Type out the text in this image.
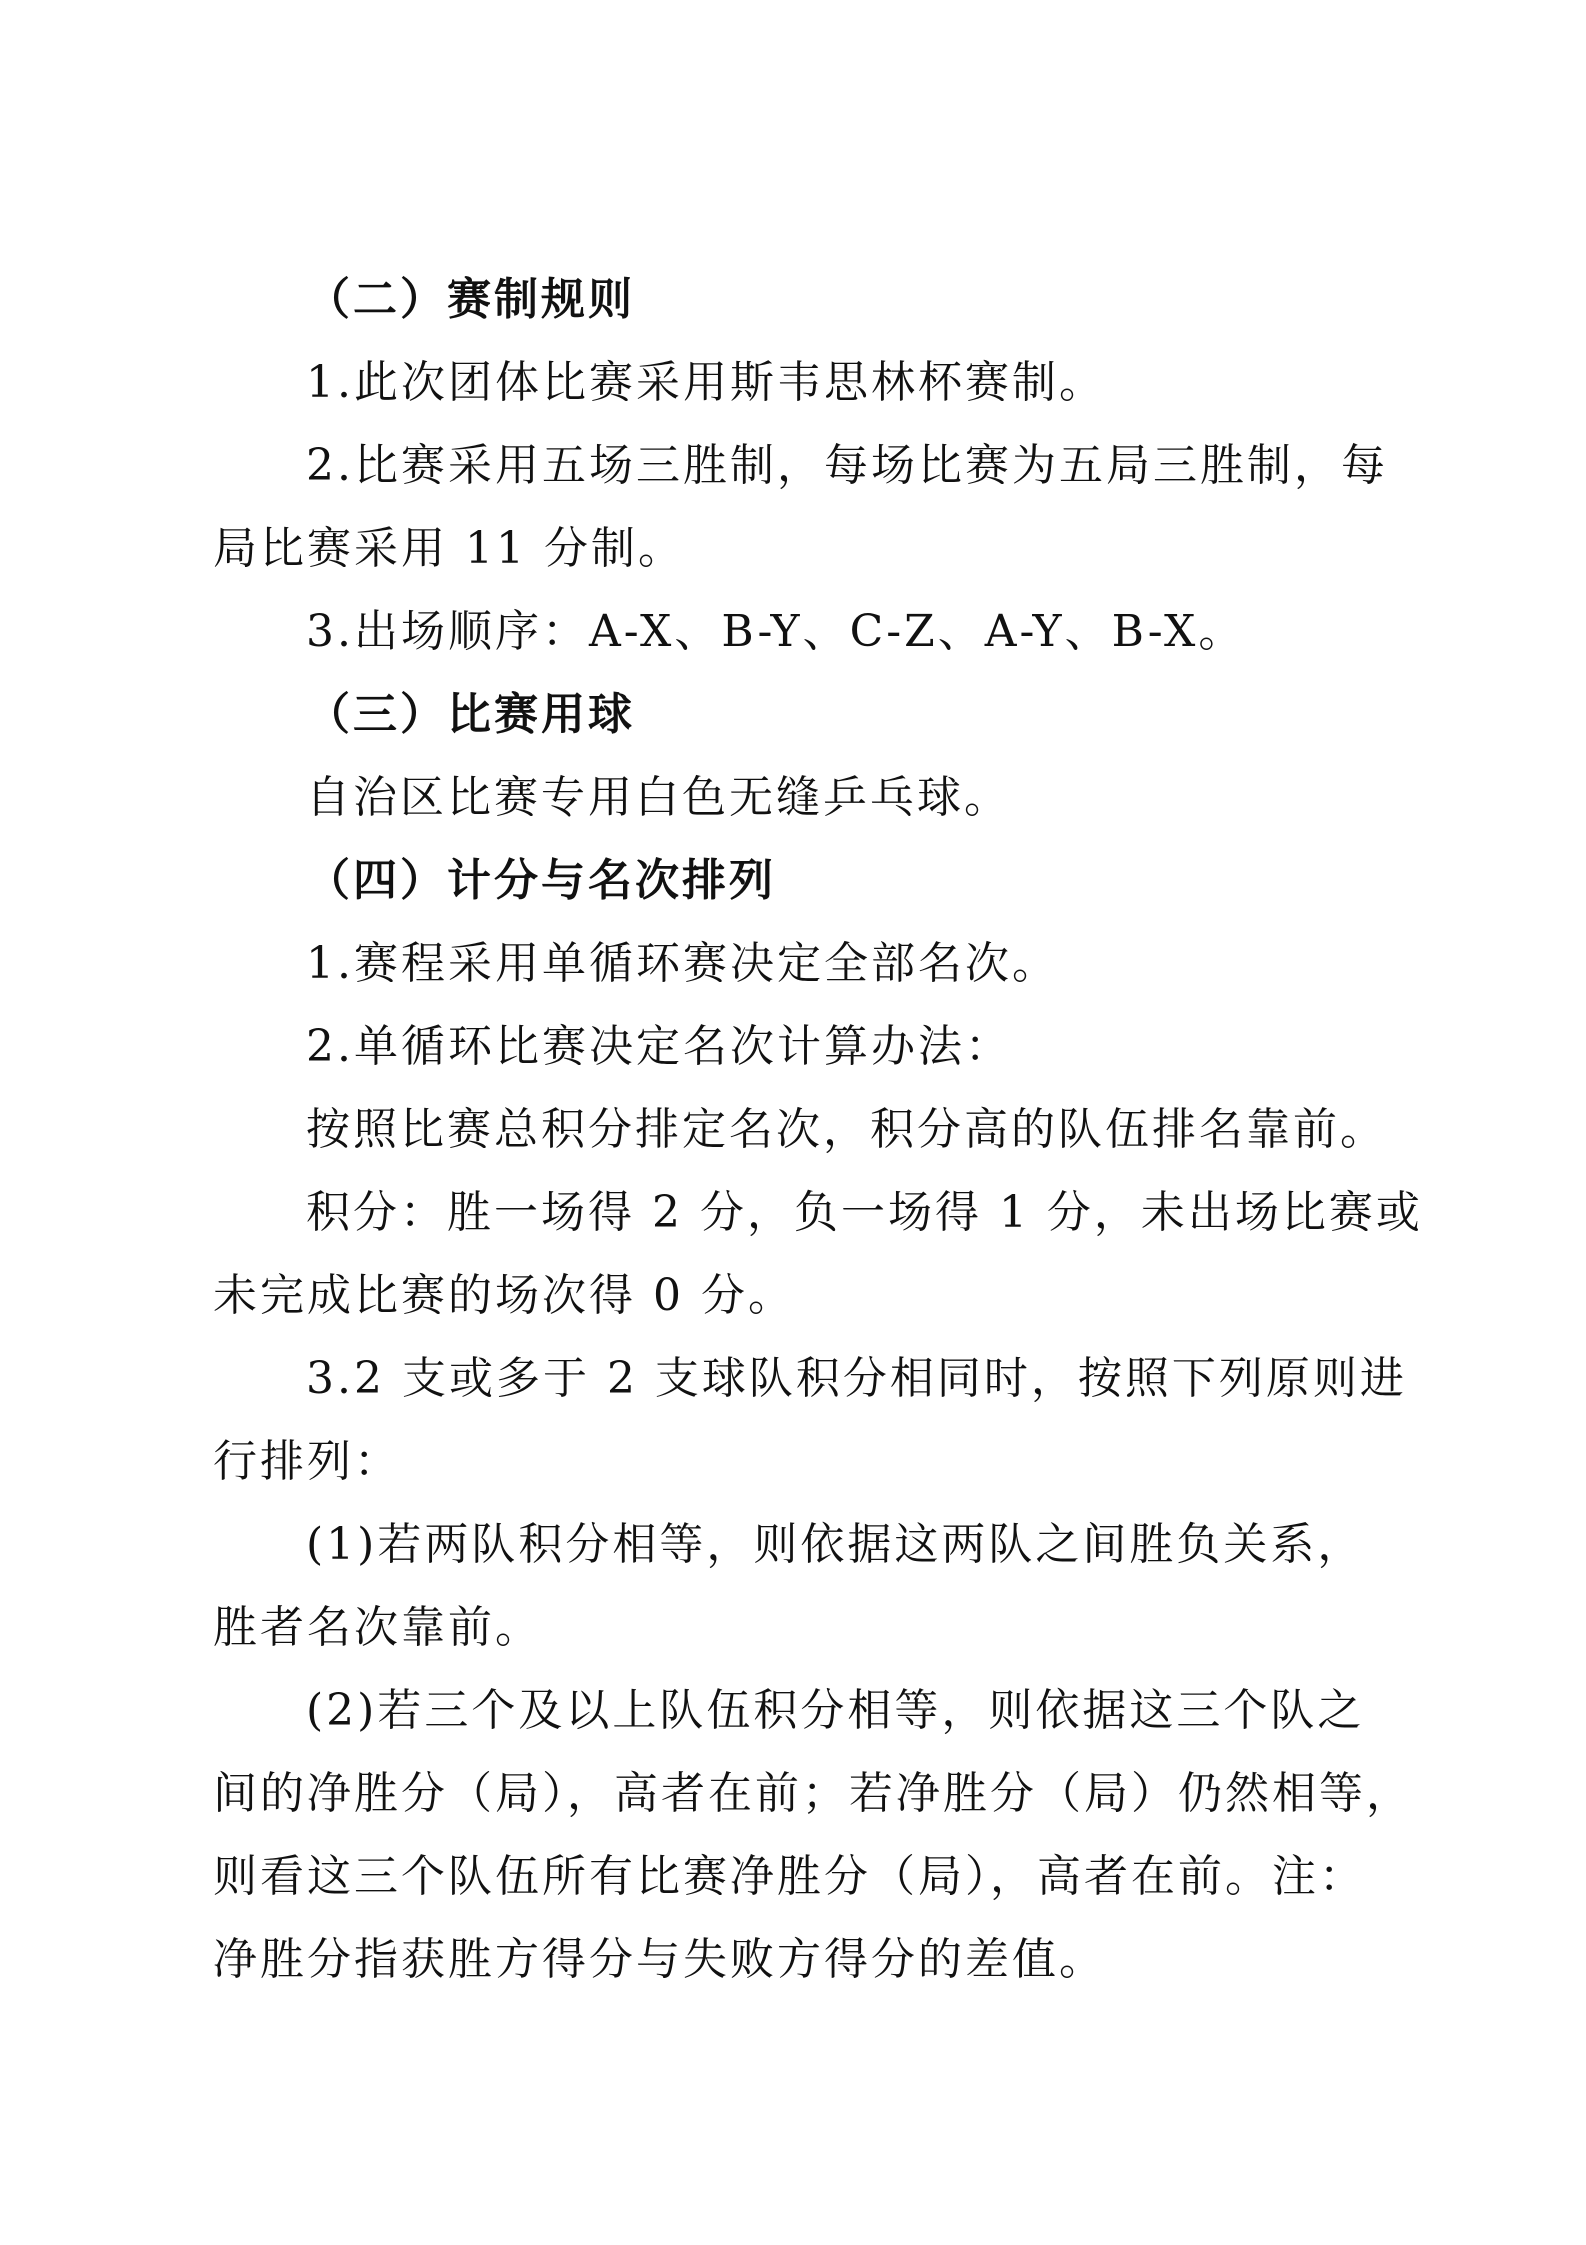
（二）赛制规则
1.此次团体比赛采用斯韦思林杯赛制。
2.比赛采用五场三胜制，每场比赛为五局三胜制，每
局比赛采用 11 分制。
3.出场顺序：A-X、B-Y、C-Z、A-Y、B-X。
（三）比赛用球
自治区比赛专用白色无缝乒乓球。
（四）计分与名次排列
1.赛程采用单循环赛决定全部名次。
2.单循环比赛决定名次计算办法：
按照比赛总积分排定名次，积分高的队伍排名靠前。
积分：胜一场得 2 分，负一场得 1 分，未出场比赛或
未完成比赛的场次得 0 分。
3.2 支或多于 2 支球队积分相同时，按照下列原则进
行排列：
(1)若两队积分相等，则依据这两队之间胜负关系，
胜者名次靠前。
(2)若三个及以上队伍积分相等，则依据这三个队之
间的净胜分（局），高者在前；若净胜分（局）仍然相等，
则看这三个队伍所有比赛净胜分（局），高者在前。注：
净胜分指获胜方得分与失败方得分的差值。
